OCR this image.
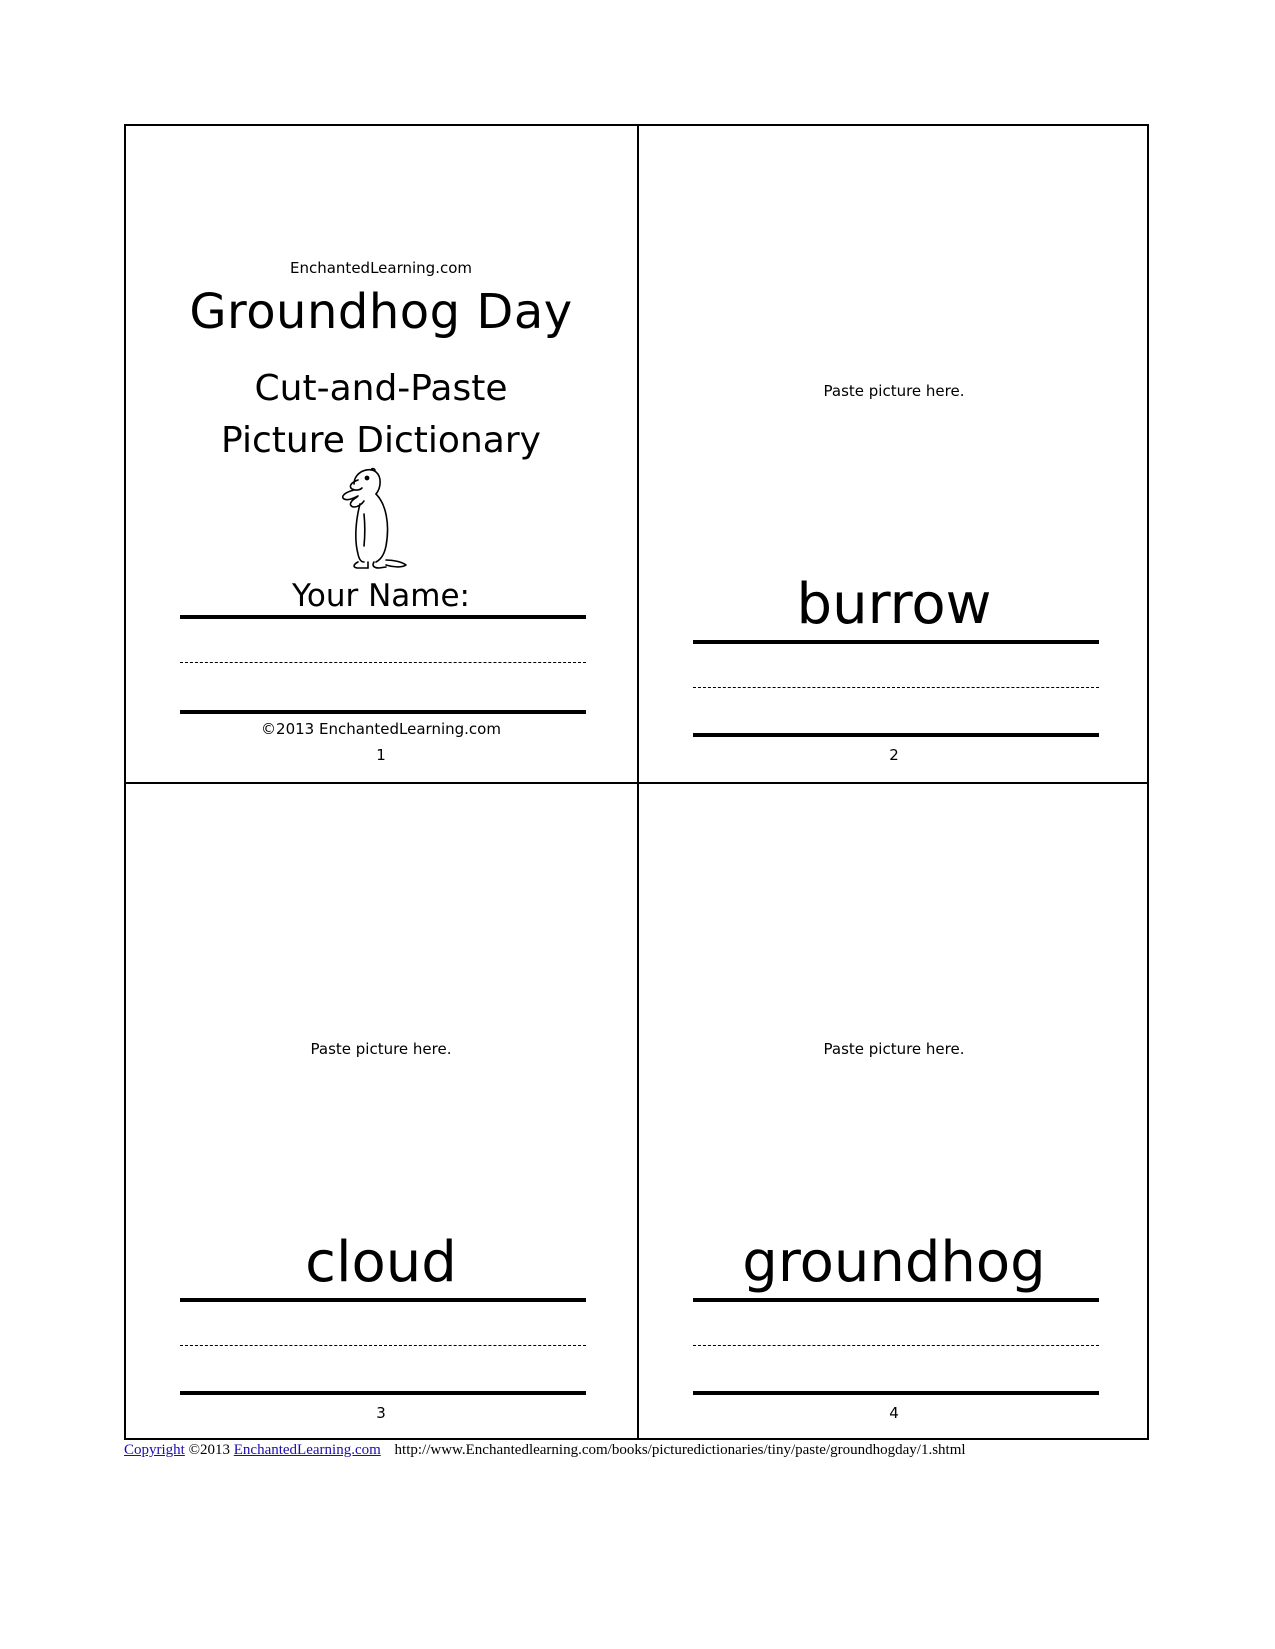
EnchantedLearning.com
Groundhog Day
Cut-and-Paste
Picture Dictionary
Your Name:
©2013 EnchantedLearning.com
1
Paste picture here.
burrow
2
Paste picture here.
cloud
3
Paste picture here.
groundhog
4
Copyright ©2013 EnchantedLearning.com http://www.Enchantedlearning.com/books/picturedictionaries/tiny/paste/groundhogday/1.shtml
